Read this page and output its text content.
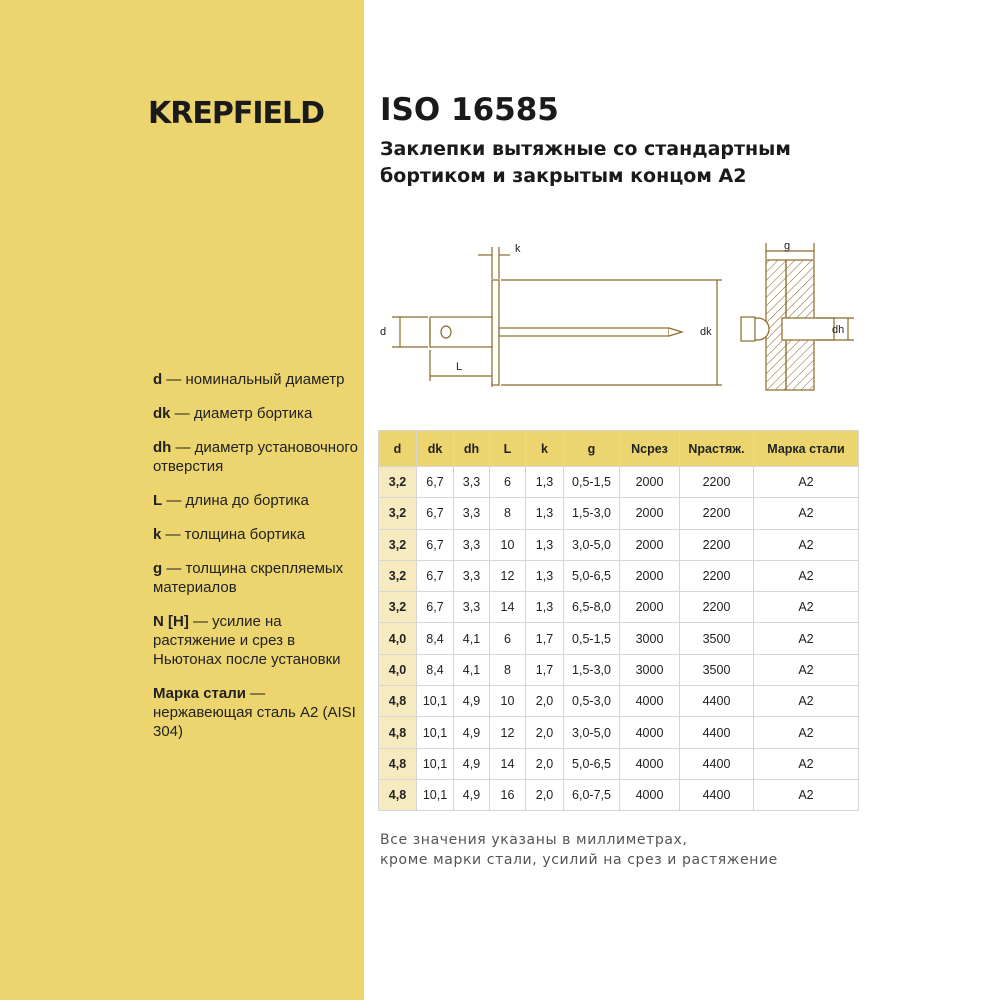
KREPFIELD
d — номинальный диаметр
dk — диаметр бортика
dh — диаметр установочного отверстия
L — длина до бортика
k — толщина бортика
g — толщина скрепляемых материалов
N [H] — усилие на растяжение и срез в Ньютонах после установки
Марка стали — нержавеющая сталь A2 (AISI 304)
ISO 16585
Заклепки вытяжные со стандартным
бортиком и закрытым концом A2
k
d	dk
L
g
dh
d	dk	dh	L	k	g	Nсрез	Nрастяж.	Марка стали
3,2	6,7	3,3	6	1,3	0,5-1,5	2000	2200	A2
3,2	6,7	3,3	8	1,3	1,5-3,0	2000	2200	A2
3,2	6,7	3,3	10	1,3	3,0-5,0	2000	2200	A2
3,2	6,7	3,3	12	1,3	5,0-6,5	2000	2200	A2
3,2	6,7	3,3	14	1,3	6,5-8,0	2000	2200	A2
4,0	8,4	4,1	6	1,7	0,5-1,5	3000	3500	A2
4,0	8,4	4,1	8	1,7	1,5-3,0	3000	3500	A2
4,8	10,1	4,9	10	2,0	0,5-3,0	4000	4400	A2
4,8	10,1	4,9	12	2,0	3,0-5,0	4000	4400	A2
4,8	10,1	4,9	14	2,0	5,0-6,5	4000	4400	A2
4,8	10,1	4,9	16	2,0	6,0-7,5	4000	4400	A2
Все значения указаны в миллиметрах,
кроме марки стали, усилий на срез и растяжение
